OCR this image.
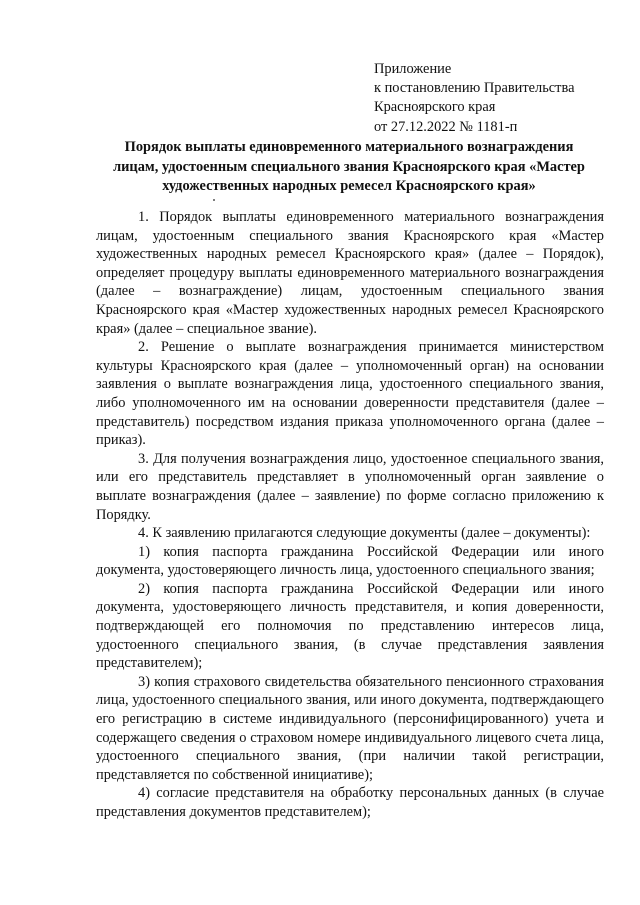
Приложение
к постановлению Правительства
Красноярского края
от 27.12.2022 № 1181-п
Порядок выплаты единовременного материального вознаграждения
лицам, удостоенным специального звания Красноярского края «Мастер
художественных народных ремесел Красноярского края»

1. Порядок выплаты единовременного материального вознаграждения лицам, удостоенным специального звания Красноярского края «Мастер художественных народных ремесел Красноярского края» (далее – Порядок), определяет процедуру выплаты единовременного материального вознаграждения (далее – вознаграждение) лицам, удостоенным специального звания Красноярского края «Мастер художественных народных ремесел Красноярского края» (далее – специальное звание).

2. Решение о выплате вознаграждения принимается министерством культуры Красноярского края (далее – уполномоченный орган) на основании заявления о выплате вознаграждения лица, удостоенного специального звания, либо уполномоченного им на основании доверенности представителя (далее – представитель) посредством издания приказа уполномоченного органа (далее – приказ).

3. Для получения вознаграждения лицо, удостоенное специального звания, или его представитель представляет в уполномоченный орган заявление о выплате вознаграждения (далее – заявление) по форме согласно приложению к Порядку.

4. К заявлению прилагаются следующие документы (далее – документы):

1) копия паспорта гражданина Российской Федерации или иного документа, удостоверяющего личность лица, удостоенного специального звания;

2) копия паспорта гражданина Российской Федерации или иного документа, удостоверяющего личность представителя, и копия доверенности, подтверждающей его полномочия по представлению интересов лица, удостоенного специального звания, (в случае представления заявления представителем);

3) копия страхового свидетельства обязательного пенсионного страхования лица, удостоенного специального звания, или иного документа, подтверждающего его регистрацию в системе индивидуального (персонифицированного) учета и содержащего сведения о страховом номере индивидуального лицевого счета лица, удостоенного специального звания, (при наличии такой регистрации, представляется по собственной инициативе);

4) согласие представителя на обработку персональных данных (в случае представления документов представителем);
